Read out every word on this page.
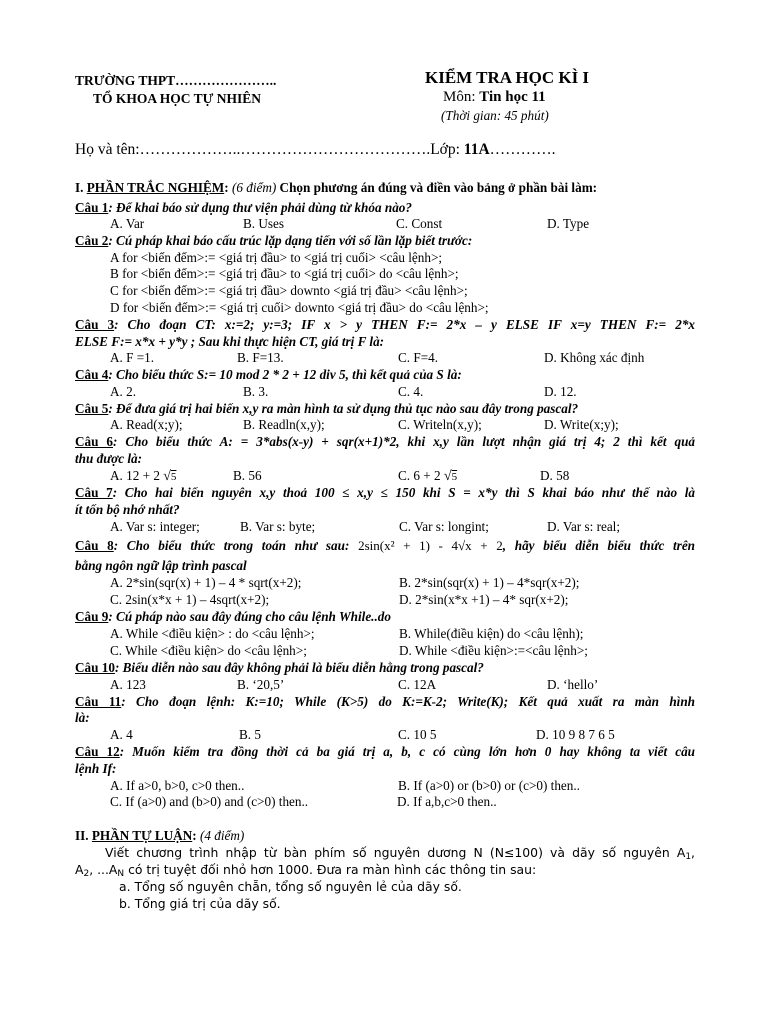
TRƯỜNG THPT…………………..
TỔ KHOA HỌC TỰ NHIÊN
KIỂM TRA HỌC KÌ I
Môn: Tin học 11
(Thời gian: 45 phút)
Họ và tên:………………..……………………………….Lớp: 11A………….
I. PHẦN TRẮC NGHIỆM: (6 điểm) Chọn phương án đúng và điền vào bảng ở phần bài làm:
Câu 1: Để khai báo sử dụng thư viện phải dùng từ khóa nào?
A. Var	B. Uses	C. Const	D. Type
Câu 2: Cú pháp khai báo cấu trúc lặp dạng tiến với số lần lặp biết trước:
A for <biến đếm>:= <giá trị đầu> to <giá trị cuối> <câu lệnh>;
B for <biến đếm>:= <giá trị đầu> to <giá trị cuối> do <câu lệnh>;
C for <biến đếm>:= <giá trị đầu> downto <giá trị đầu> <câu lệnh>;
D for <biến đếm>:= <giá trị cuối> downto <giá trị đầu> do <câu lệnh>;
Câu 3: Cho đoạn CT: x:=2; y:=3; IF x > y THEN F:= 2*x – y ELSE IF x=y THEN F:= 2*x
ELSE F:= x*x + y*y ; Sau khi thực hiện CT, giá trị F là:
A. F =1.	B. F=13.	C. F=4.	D. Không xác định
Câu 4: Cho biểu thức S:= 10 mod 2 * 2 + 12 div 5, thì kết quả của S là:
A. 2.	B. 3.	C. 4.	D. 12.
Câu 5: Để đưa giá trị hai biến x,y ra màn hình ta sử dụng thủ tục nào sau đây trong pascal?
A. Read(x;y);	B. Readln(x,y);	C. Writeln(x,y);	D. Write(x;y);
Câu 6: Cho biểu thức A: = 3*abs(x-y) + sqr(x+1)*2, khi x,y lần lượt nhận giá trị 4; 2 thì kết quả
thu được là:
A. 12 + 2 √5	B. 56	C. 6 + 2 √5	D. 58
Câu 7: Cho hai biến nguyên x,y thoả 100 ≤ x,y ≤ 150 khi S = x*y thì S khai báo như thế nào là
ít tốn bộ nhớ nhất?
A. Var s: integer;	B. Var s: byte;	C. Var s: longint;	D. Var s: real;
Câu 8: Cho biểu thức trong toán như sau: 2sin(x² + 1) - 4√x + 2, hãy biểu diễn biểu thức trên
bằng ngôn ngữ lập trình pascal
A. 2*sin(sqr(x) + 1) – 4 * sqrt(x+2);	B. 2*sin(sqr(x) + 1) – 4*sqr(x+2);
C. 2sin(x*x + 1) – 4sqrt(x+2);	D. 2*sin(x*x +1) – 4* sqr(x+2);
Câu 9: Cú pháp nào sau đây đúng cho câu lệnh While..do
A. While <điều kiện> : do <câu lệnh>;	B. While(điều kiện) do <câu lệnh);
C. While <điều kiện> do <câu lệnh>;	D. While <điều kiện>:=<câu lệnh>;
Câu 10: Biểu diễn nào sau đây không phải là biểu diễn hằng trong pascal?
A. 123	B. ‘20,5’	C. 12A	D. ‘hello’
Câu 11: Cho đoạn lệnh: K:=10; While (K>5) do K:=K-2; Write(K); Kết quả xuất ra màn hình
là:
A. 4	B. 5	C. 10 5	D. 10 9 8 7 6 5
Câu 12: Muốn kiểm tra đồng thời cả ba giá trị a, b, c có cùng lớn hơn 0 hay không ta viết câu
lệnh If:
A. If a>0, b>0, c>0 then..	B. If (a>0) or (b>0) or (c>0) then..
C. If (a>0) and (b>0) and (c>0) then..	D. If a,b,c>0 then..
II. PHẦN TỰ LUẬN: (4 điểm)
Viết chương trình nhập từ bàn phím số nguyên dương N (N≤100) và dãy số nguyên $A_1$,
$A_2$, $...A_N$ có trị tuyệt đối nhỏ hơn 1000. Đưa ra màn hình các thông tin sau:
a. Tổng số nguyên chẵn, tổng số nguyên lẻ của dãy số.
b. Tổng giá trị của dãy số.
